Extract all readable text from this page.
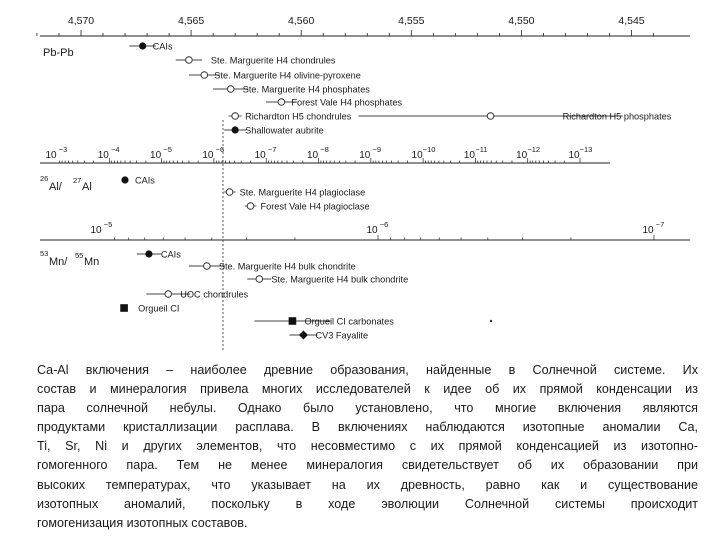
4,570	4,565	4,560	4,555	4,550	4,545
Pb-Pb
CAIs
Ste. Marguerite H4 chondrules
Ste. Marguerite H4 olivine-pyroxene
Ste. Marguerite H4 phosphates
Forest Vale H4 phosphates
Richardton H5 chondrules	Richardton H5 phosphates
Shallowater aubrite
10
−3
10
−4
10
−5
10
−6
10
−7
10
−8
10
−9
10
−10
10
−11
10
−12
10
−13
26
Al/
27
Al
CAIs
Ste. Marguerite H4 plagioclase
Forest Vale H4 plagioclase
10
−5
10
−6
10
−7
53
Mn/
55
Mn
CAIs
Ste. Marguerite H4 bulk chondrite
Ste. Marguerite H4 bulk chondrite
UOC chondrules
Orgueil CI
Orgueil CI carbonates
CV3 Fayalite
Ca-Al включения – наиболее древние образования, найденные в Солнечной системе. Их
состав и минералогия привела многих исследователей к идее об их прямой конденсации из
пара солнечной небулы. Однако было установлено, что многие включения являются
продуктами кристаллизации расплава. В включениях наблюдаются изотопные аномалии Ca,
Ti, Sr, Ni и других элементов, что несовместимо с их прямой конденсацией из изотопно-
гомогенного пара. Тем не менее минералогия свидетельствует об их образовании при
высоких температурах, что указывает на их древность, равно как и существование
изотопных аномалий, поскольку в ходе эволюции Солнечной системы происходит
гомогенизация изотопных составов.
